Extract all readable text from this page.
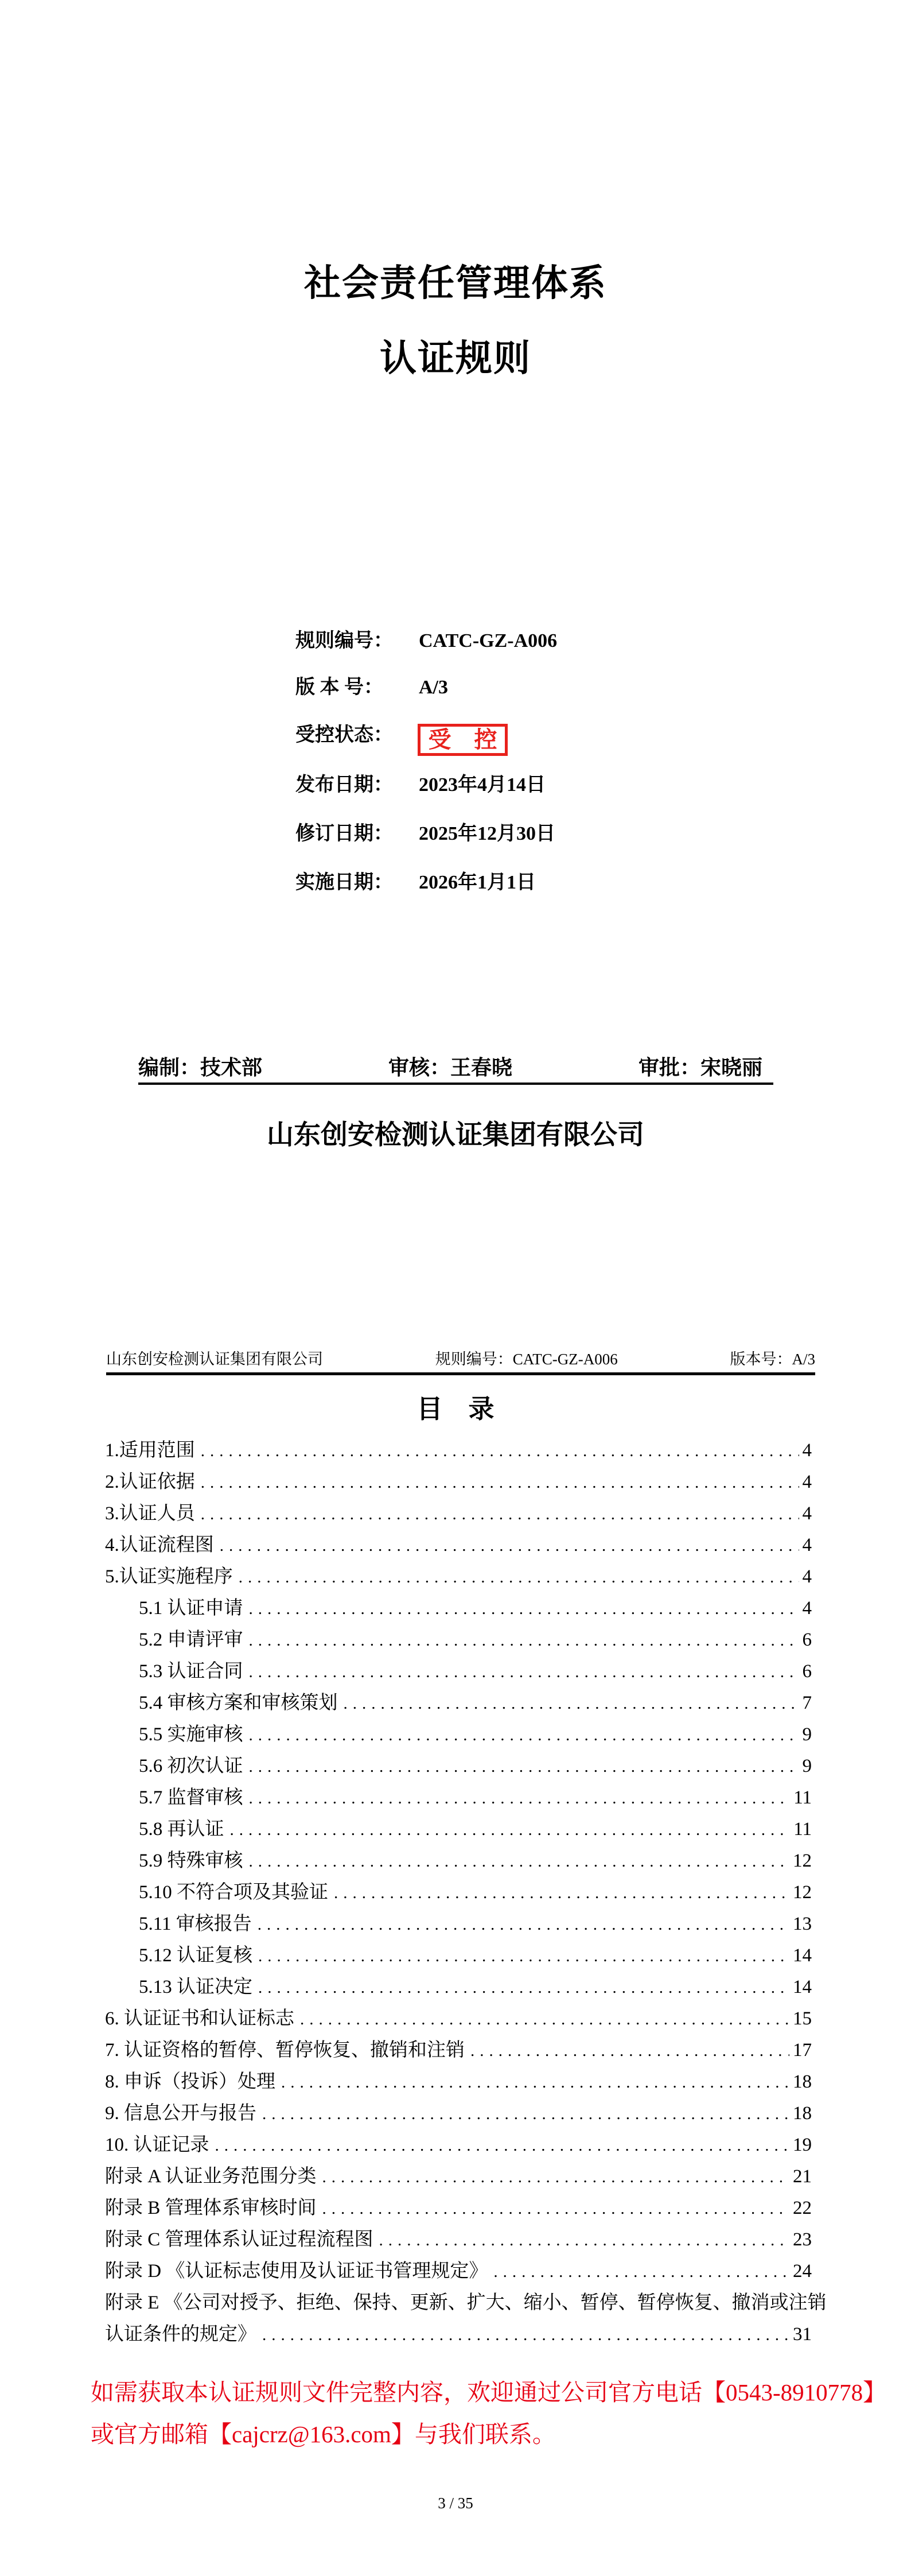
社会责任管理体系
认证规则
规则编号： CATC-GZ-A006
版 本 号： A/3
受控状态：	受　控
发布日期： 2023年4月14日
修订日期： 2025年12月30日
实施日期： 2026年1月1日
编制：技术部	审核：王春晓	审批：宋晓丽
山东创安检测认证集团有限公司
山东创安检测认证集团有限公司	规则编号：CATC-GZ-A006	版本号：A/3
目　录
1.适用范围 .....	4
2.认证依据 .....	4
3.认证人员 .....	4
4.认证流程图 .....	4
5.认证实施程序 .....	4
5.1 认证申请 .....	4
5.2 申请评审 .....	6
5.3 认证合同 .....	6
5.4 审核方案和审核策划 .....	7
5.5 实施审核 .....	9
5.6 初次认证 .....	9
5.7 监督审核 .....	11
5.8 再认证 .....	11
5.9 特殊审核 .....	12
5.10 不符合项及其验证 .....	12
5.11 审核报告 .....	13
5.12 认证复核 .....	14
5.13 认证决定 .....	14
6. 认证证书和认证标志 .....	15
7. 认证资格的暂停、暂停恢复、撤销和注销 .....	17
8. 申诉（投诉）处理 .....	18
9. 信息公开与报告 .....	18
10. 认证记录 .....	19
附录 A 认证业务范围分类 .....	21
附录 B 管理体系审核时间 .....	22
附录 C 管理体系认证过程流程图 .....	23
附录 D 《认证标志使用及认证证书管理规定》 .....	24
附录 E 《公司对授予、拒绝、保持、更新、扩大、缩小、暂停、暂停恢复、撤消或注销
认证条件的规定》 .....	31
如需获取本认证规则文件完整内容，欢迎通过公司官方电话【0543-8910778】
或官方邮箱【cajcrz@163.com】与我们联系。
3 / 35
